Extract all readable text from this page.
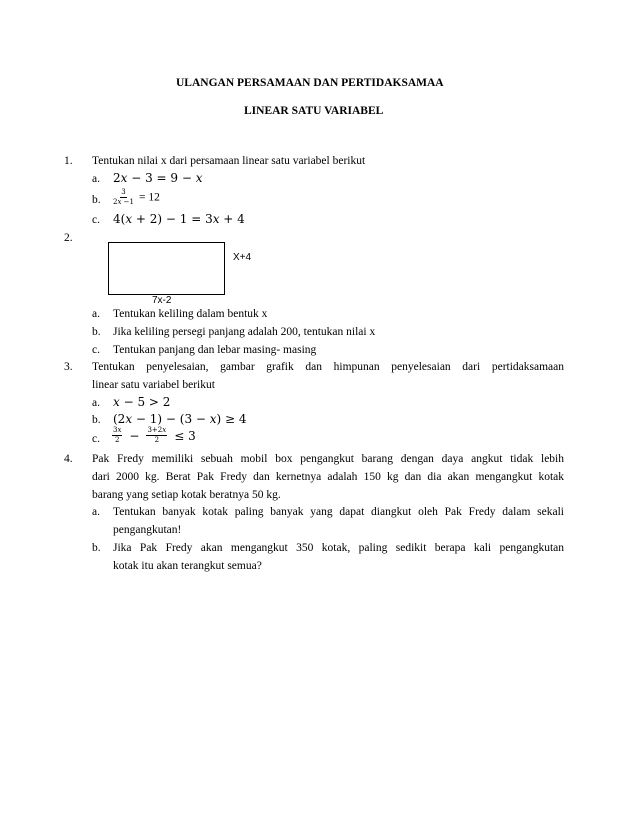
ULANGAN PERSAMAAN DAN PERTIDAKSAMAA
LINEAR SATU VARIABEL
1. Tentukan nilai x dari persamaan linear satu variabel berikut
a. 2𝑥 − 3 = 9 − 𝑥
b. $\frac{3}{\text{2𝑥 −1}} = 12$
c. 4(𝑥 + 2) − 1 = 3𝑥 + 4
2.
X+4
7x-2
a. Tentukan keliling dalam bentuk x
b. Jika keliling persegi panjang adalah 200, tentukan nilai x
c. Tentukan panjang dan lebar masing- masing
3. Tentukan penyelesaian, gambar grafik dan himpunan penyelesaian dari pertidaksamaan
linear satu variabel berikut
a. 𝑥 − 5 > 2
b. (2𝑥 − 1) − (3 − 𝑥) ≥ 4
c. $\frac{\text{3𝑥}}{2} - \frac{\text{3+2𝑥}}{2} \le 3$
4. Pak Fredy memiliki sebuah mobil box pengangkut barang dengan daya angkut tidak lebih
dari 2000 kg. Berat Pak Fredy dan kernetnya adalah 150 kg dan dia akan mengangkut kotak
barang yang setiap kotak beratnya 50 kg.
a. Tentukan banyak kotak paling banyak yang dapat diangkut oleh Pak Fredy dalam sekali
pengangkutan!
b. Jika Pak Fredy akan mengangkut 350 kotak, paling sedikit berapa kali pengangkutan
kotak itu akan terangkut semua?
